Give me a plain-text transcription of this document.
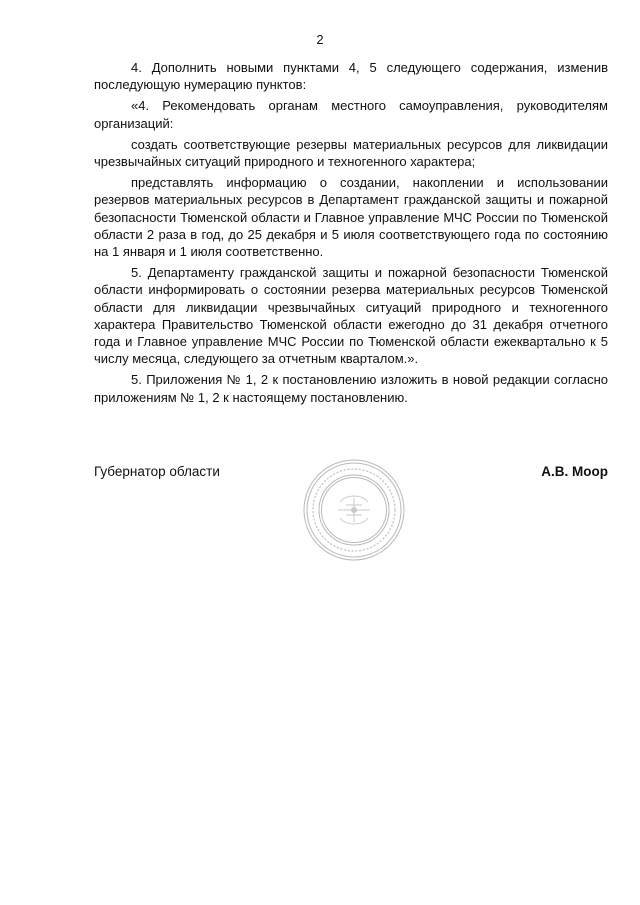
2

4. Дополнить новыми пунктами 4, 5 следующего содержания, изменив последующую нумерацию пунктов:

«4. Рекомендовать органам местного самоуправления, руководителям организаций:

создать соответствующие резервы материальных ресурсов для ликвидации чрезвычайных ситуаций природного и техногенного характера;

представлять информацию о создании, накоплении и использовании резервов материальных ресурсов в Департамент гражданской защиты и пожарной безопасности Тюменской области и Главное управление МЧС России по Тюменской области 2 раза в год, до 25 декабря и 5 июля соответствующего года по состоянию на 1 января и 1 июля соответственно.

5. Департаменту гражданской защиты и пожарной безопасности Тюменской области информировать о состоянии резерва материальных ресурсов Тюменской области для ликвидации чрезвычайных ситуаций природного и техногенного характера Правительство Тюменской области ежегодно до 31 декабря отчетного года и Главное управление МЧС России по Тюменской области ежеквартально к 5 числу месяца, следующего за отчетным кварталом.».

5. Приложения № 1, 2 к постановлению изложить в новой редакции согласно приложениям № 1, 2 к настоящему постановлению.

Губернатор области	А.В. Моор
